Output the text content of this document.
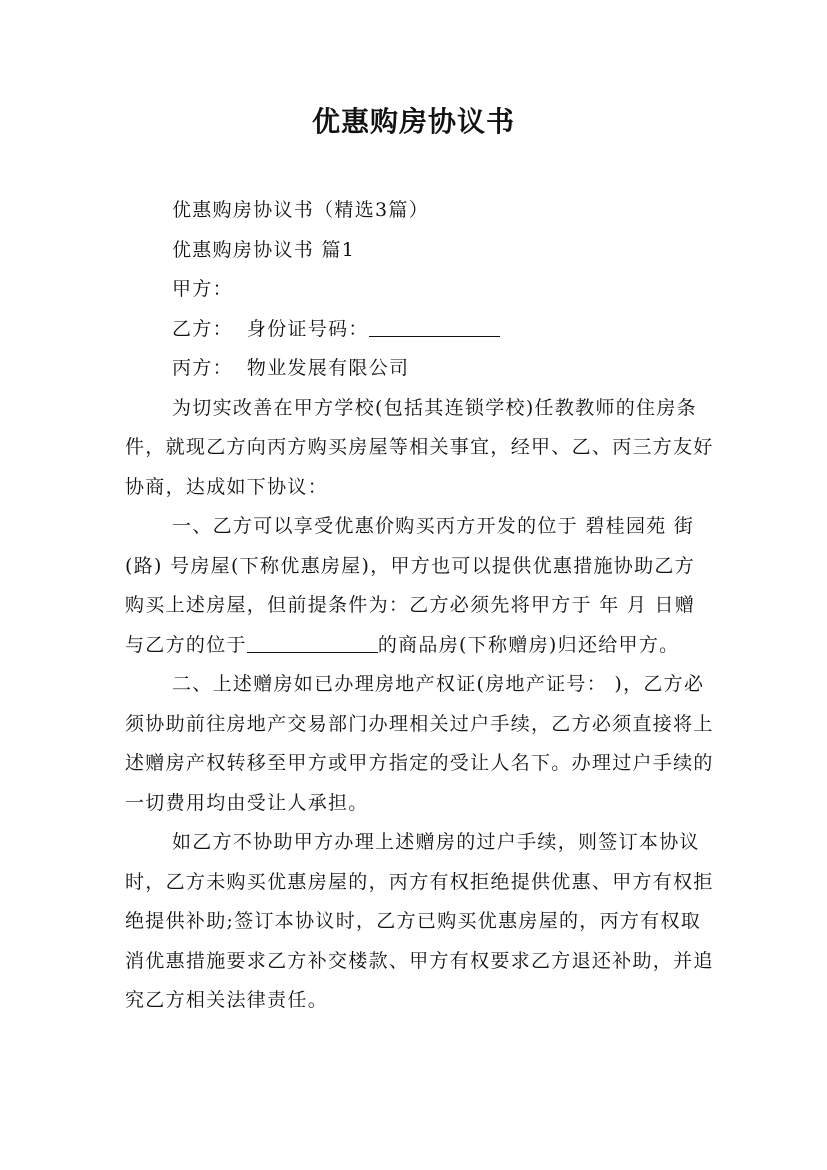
优惠购房协议书
优惠购房协议书（精选3篇）
优惠购房协议书 篇1
甲方：
乙方： 身份证号码：
丙方： 物业发展有限公司
为切实改善在甲方学校(包括其连锁学校)任教教师的住房条件，就现乙方向丙方购买房屋等相关事宜，经甲、乙、丙三方友好协商，达成如下协议：
一、乙方可以享受优惠价购买丙方开发的位于 碧桂园苑 街(路) 号房屋(下称优惠房屋)，甲方也可以提供优惠措施协助乙方购买上述房屋，但前提条件为：乙方必须先将甲方于 年 月 日赠与乙方的位于	的商品房(下称赠房)归还给甲方。
二、上述赠房如已办理房地产权证(房地产证号： )，乙方必须协助前往房地产交易部门办理相关过户手续，乙方必须直接将上述赠房产权转移至甲方或甲方指定的受让人名下。办理过户手续的一切费用均由受让人承担。
如乙方不协助甲方办理上述赠房的过户手续，则签订本协议时，乙方未购买优惠房屋的，丙方有权拒绝提供优惠、甲方有权拒绝提供补助;签订本协议时，乙方已购买优惠房屋的，丙方有权取消优惠措施要求乙方补交楼款、甲方有权要求乙方退还补助，并追究乙方相关法律责任。
